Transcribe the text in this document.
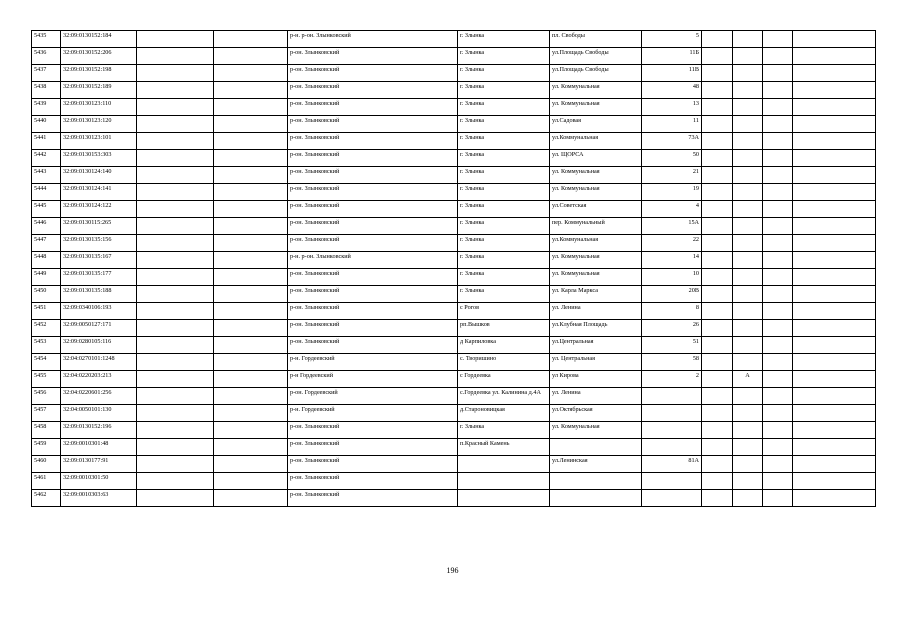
5435	32:09:0130152:184			р-н. р-он. Злынковский	г. Злынка	пл. Свободы	5				
5436	32:09:0130152:206			р-он. Злынковский	г. Злынка	ул.Площадь Свободы	11Б				
5437	32:09:0130152:198			р-он. Злынковский	г. Злынка	ул.Площадь Свободы	11В				
5438	32:09:0130152:189			р-он. Злынковский	г. Злынка	ул. Коммунальная	48				
5439	32:09:0130123:110			р-он. Злынковский	г. Злынка	ул. Коммунальная	13				
5440	32:09:0130123:120			р-он. Злынковский	г. Злынка	ул.Садовая	11				
5441	32:09:0130123:101			р-он. Злынковский	г. Злынка	ул.Коммунальная	73А				
5442	32:09:0130153:303			р-он. Злынковский	г. Злынка	ул. ЩОРСА	50				
5443	32:09:0130124:140			р-он. Злынковский	г. Злынка	ул. Коммунальная	21				
5444	32:09:0130124:141			р-он. Злынковский	г. Злынка	ул. Коммунальная	19				
5445	32:09:0130124:122			р-он. Злынковский	г. Злынка	ул.Советская	4				
5446	32:09:0130115:265			р-он. Злынковский	г. Злынка	пер. Коммунальный	15А				
5447	32:09:0130135:156			р-он. Злынковский	г. Злынка	ул.Коммунальная	22				
5448	32:09:0130135:167			р-н. р-он. Злынковский	г. Злынка	ул. Коммунальная	14				
5449	32:09:0130135:177			р-он. Злынковский	г. Злынка	ул. Коммунальная	10				
5450	32:09:0130135:188			р-он. Злынковский	г. Злынка	ул. Карла Маркса	20В				
5451	32:09:0340106:193			р-он. Злынковский	с Рогов	ул. Ленина	8				
5452	32:09:0050127:171			р-он. Злынковский	рп.Вышков	ул.Клубная Площадь	26				
5453	32:09:0280105:116			р-он. Злынковский	д Карпиловка	ул.Центральная	51				
5454	32:04:0270101:1248			р-н. Гордеевский	с. Творишино	ул. Центральная	58				
5455	32:04:0220203:213			р-н Гордеевский	с Гордеевка	ул Кирова	2		А		
5456	32:04:0220601:256			р-он. Гордеевский	с.Гордеевка ул. Калинина д.4А	ул. Ленина					
5457	32:04:0050101:130			р-н. Гордеевский	д.Староновицкая	ул.Октябрьская					
5458	32:09:0130152:196			р-он. Злынковский	г. Злынка	ул. Коммунальная					
5459	32:09:0010301:48			р-он. Злынковский	п.Красный Камень						
5460	32:09:0130177:91			р-он. Злынковский		ул.Ленинская	81А				
5461	32:09:0010301:50			р-он. Злынковский							
5462	32:09:0010303:63			р-он. Злынковский							
196
